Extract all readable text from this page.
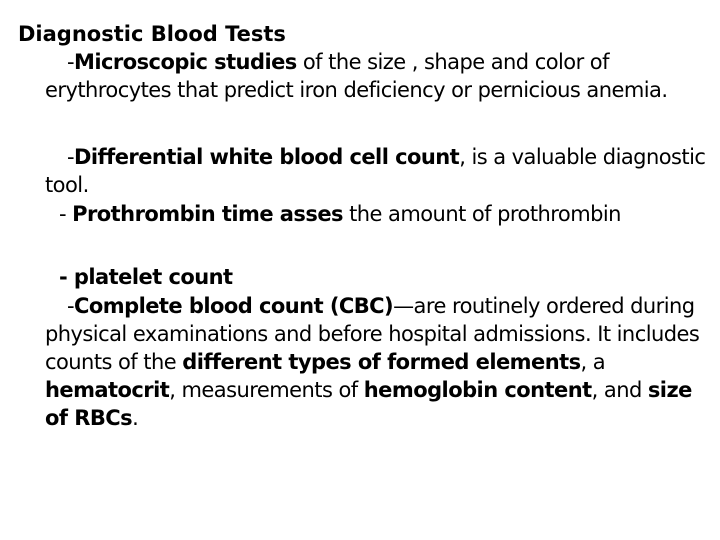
Diagnostic Blood Tests
-Microscopic studies of the size , shape and color of erythrocytes that predict iron deficiency or pernicious anemia.
-Differential white blood cell count, is a valuable diagnostic tool.
- Prothrombin time asses the amount of prothrombin
- platelet count
-Complete blood count (CBC)—are routinely ordered during physical examinations and before hospital admissions. It includes counts of the different types of formed elements, a hematocrit, measurements of hemoglobin content, and size of RBCs.
